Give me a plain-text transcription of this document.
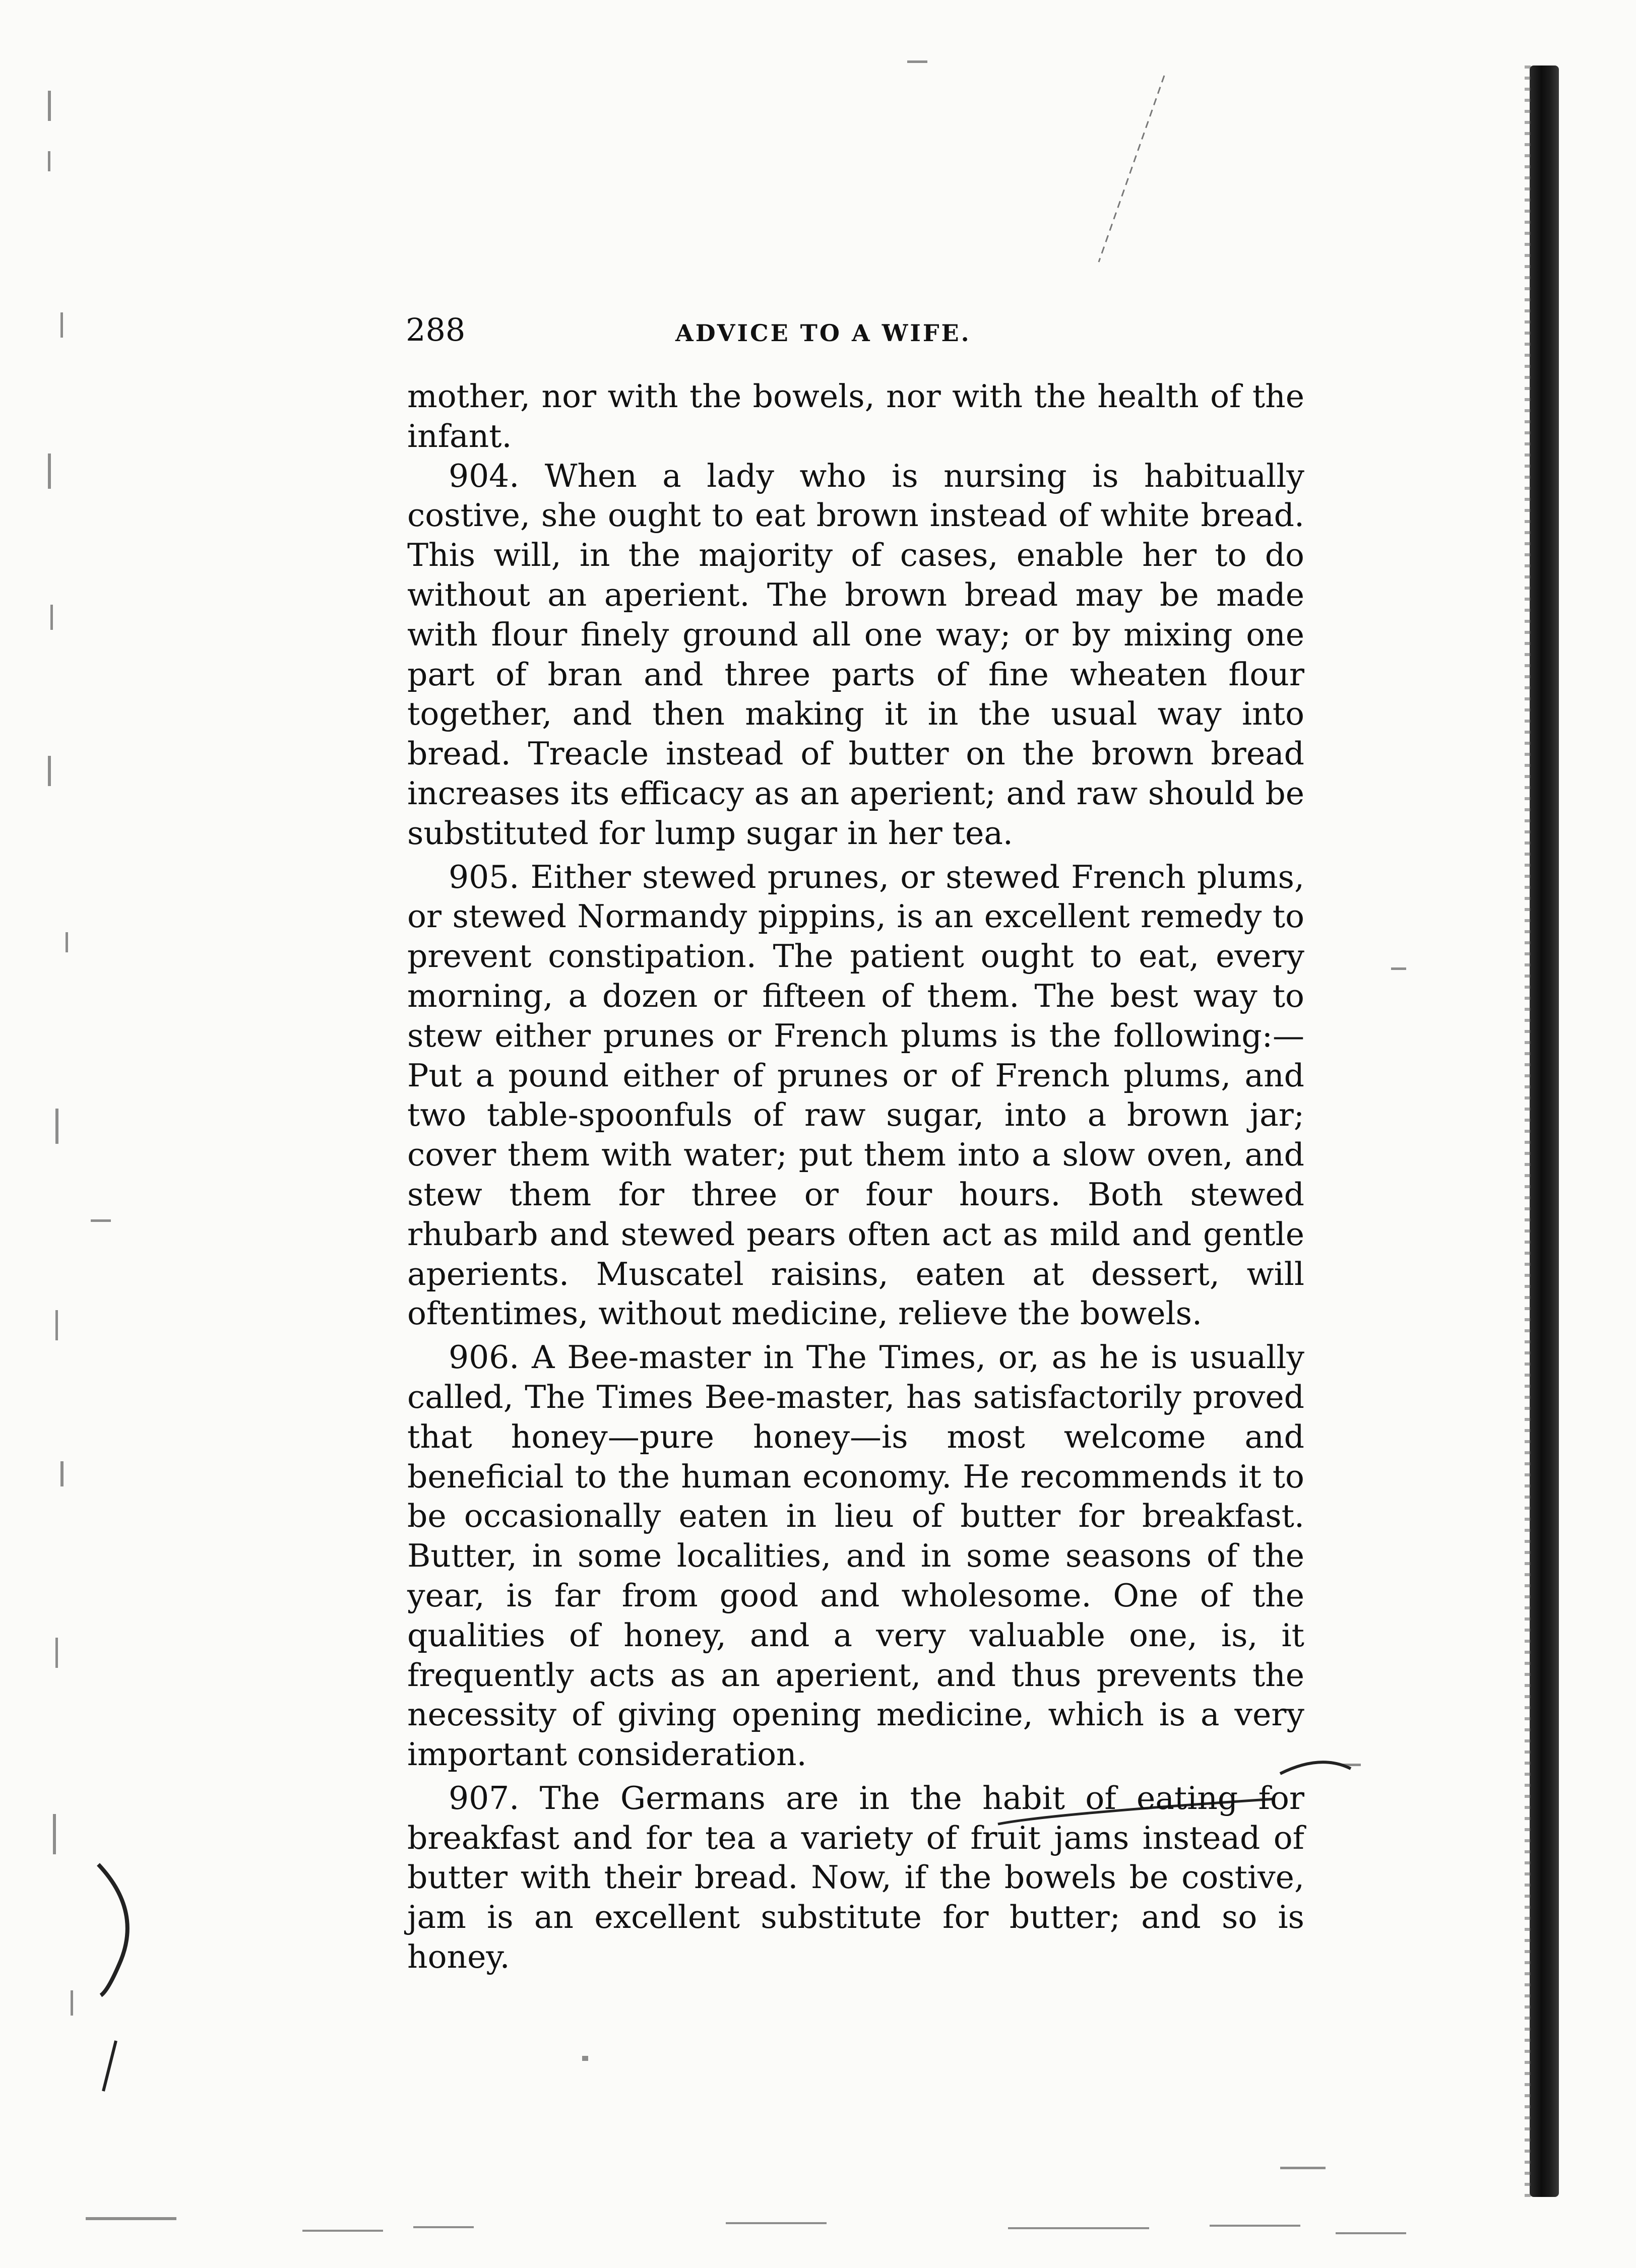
288	ADVICE TO A WIFE.

mother, nor with the bowels, nor with the health of the infant.

904. When a lady who is nursing is habitually costive, she ought to eat brown instead of white bread. This will, in the majority of cases, enable her to do without an aperient. The brown bread may be made with flour finely ground all one way; or by mixing one part of bran and three parts of fine wheaten flour together, and then making it in the usual way into bread. Treacle instead of butter on the brown bread increases its efficacy as an aperient; and raw should be substituted for lump sugar in her tea.

905. Either stewed prunes, or stewed French plums, or stewed Normandy pippins, is an excellent remedy to prevent constipation. The patient ought to eat, every morning, a dozen or fifteen of them. The best way to stew either prunes or French plums is the following:— Put a pound either of prunes or of French plums, and two table-spoonfuls of raw sugar, into a brown jar; cover them with water; put them into a slow oven, and stew them for three or four hours. Both stewed rhubarb and stewed pears often act as mild and gentle aperients. Muscatel raisins, eaten at dessert, will oftentimes, without medicine, relieve the bowels.

906. A Bee-master in The Times, or, as he is usually called, The Times Bee-master, has satisfactorily proved that honey—pure honey—is most welcome and beneficial to the human economy. He recommends it to be occasionally eaten in lieu of butter for breakfast. Butter, in some localities, and in some seasons of the year, is far from good and wholesome. One of the qualities of honey, and a very valuable one, is, it frequently acts as an aperient, and thus prevents the necessity of giving opening medicine, which is a very important consideration.

907. The Germans are in the habit of eating for breakfast and for tea a variety of fruit jams instead of butter with their bread. Now, if the bowels be costive, jam is an excellent substitute for butter; and so is honey.
